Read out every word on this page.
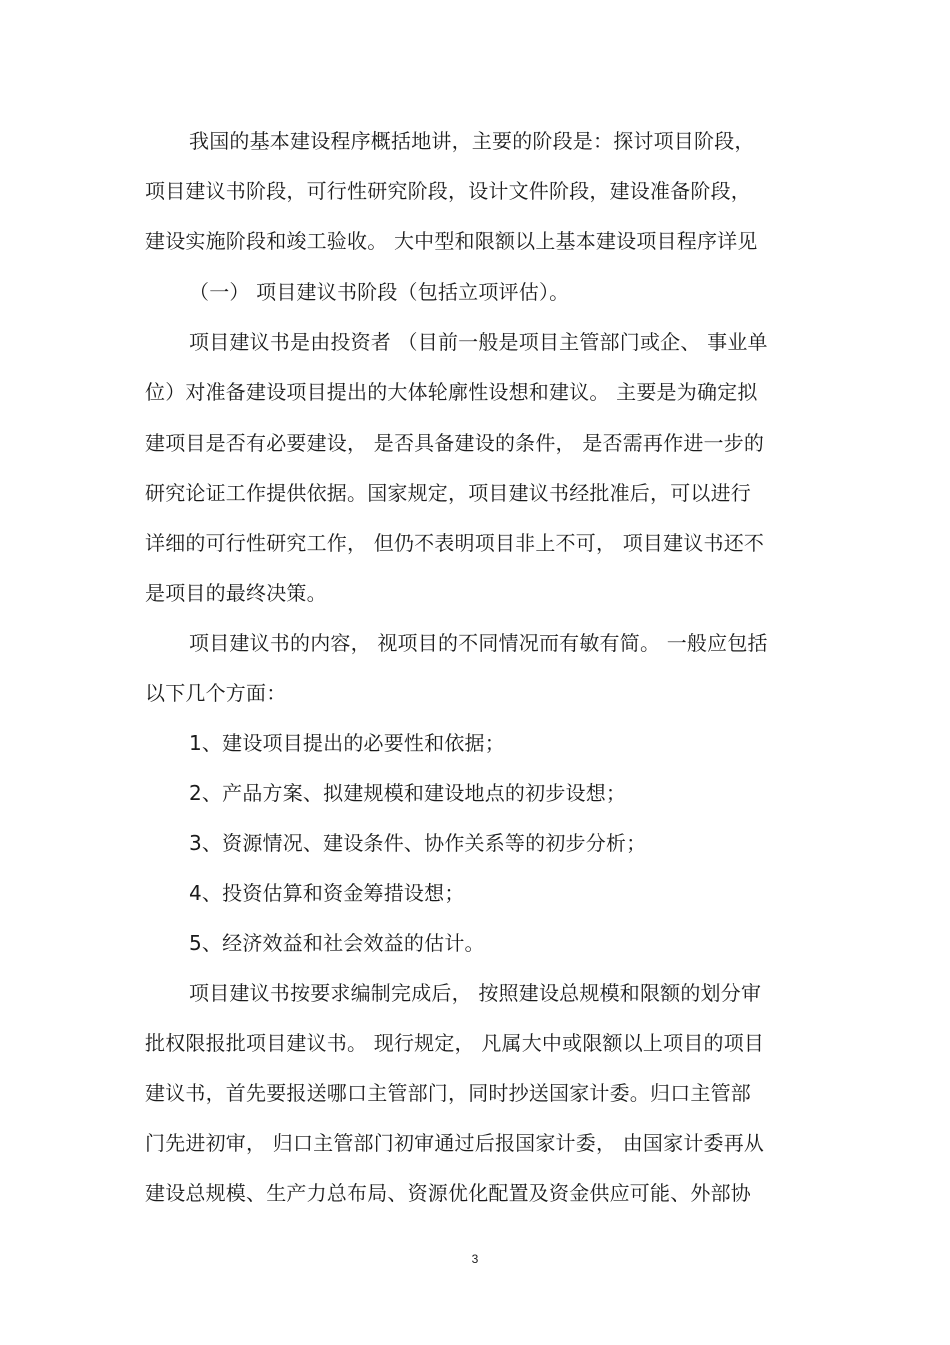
我国的基本建设程序概括地讲，主要的阶段是：探讨项目阶段，
项目建议书阶段，可行性研究阶段，设计文件阶段，建设准备阶段，
建设实施阶段和竣工验收。 大中型和限额以上基本建设项目程序详见
（一） 项目建议书阶段（包括立项评估）。
项目建议书是由投资者 （目前一般是项目主管部门或企、 事业单
位）对准备建设项目提出的大体轮廓性设想和建议。 主要是为确定拟
建项目是否有必要建设， 是否具备建设的条件， 是否需再作进一步的
研究论证工作提供依据。国家规定，项目建议书经批准后，可以进行
详细的可行性研究工作， 但仍不表明项目非上不可， 项目建议书还不
是项目的最终决策。
项目建议书的内容， 视项目的不同情况而有敏有简。 一般应包括
以下几个方面：
1、建设项目提出的必要性和依据；
2、产品方案、拟建规模和建设地点的初步设想；
3、资源情况、建设条件、协作关系等的初步分析；
4、投资估算和资金筹措设想；
5、经济效益和社会效益的估计。
项目建议书按要求编制完成后， 按照建设总规模和限额的划分审
批权限报批项目建议书。 现行规定， 凡属大中或限额以上项目的项目
建议书，首先要报送哪口主管部门，同时抄送国家计委。归口主管部
门先进初审， 归口主管部门初审通过后报国家计委， 由国家计委再从
建设总规模、生产力总布局、资源优化配置及资金供应可能、外部协
3
